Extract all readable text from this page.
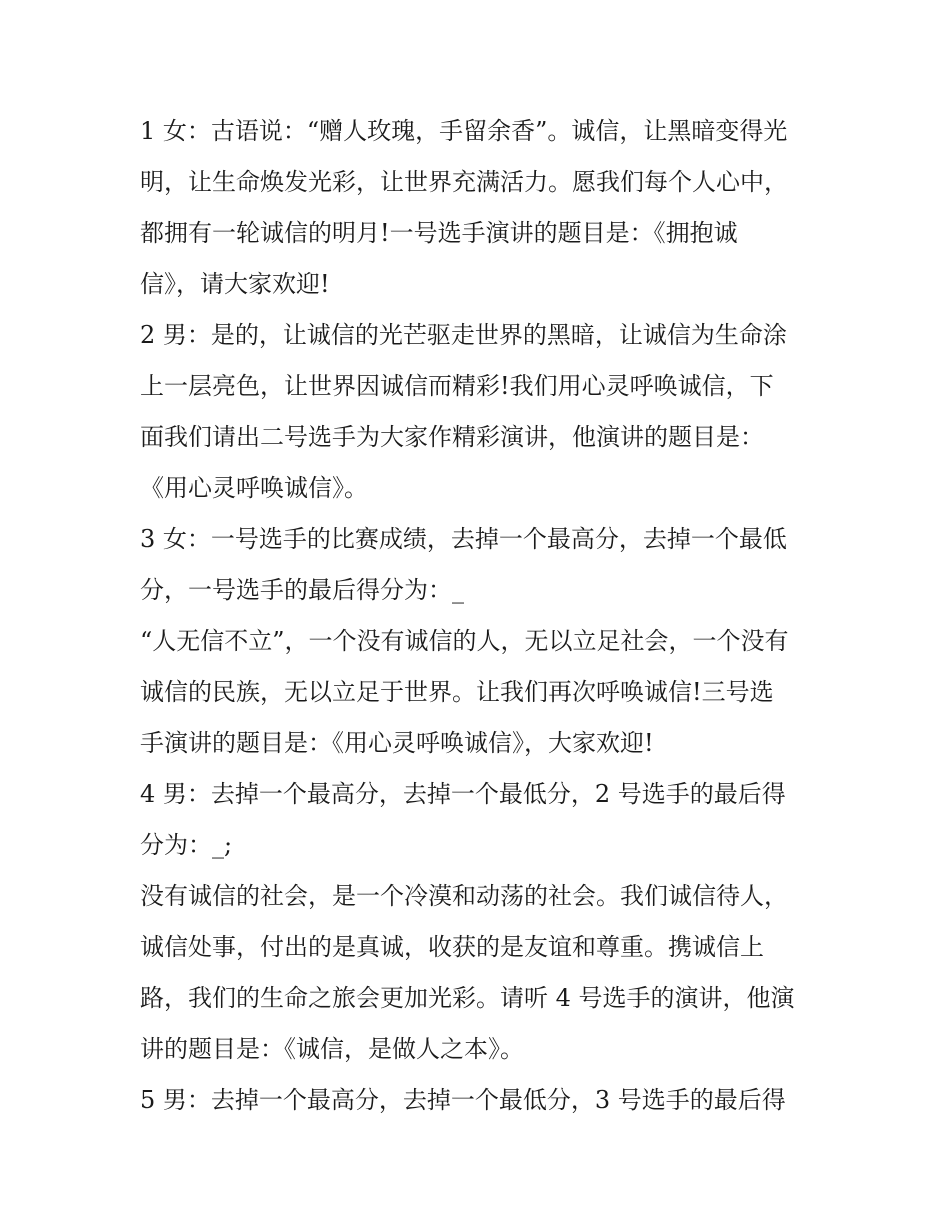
1 女：古语说：“赠人玫瑰，手留余香”。诚信，让黑暗变得光
明，让生命焕发光彩，让世界充满活力。愿我们每个人心中，
都拥有一轮诚信的明月!一号选手演讲的题目是：《拥抱诚
信》，请大家欢迎!
2 男：是的，让诚信的光芒驱走世界的黑暗，让诚信为生命涂
上一层亮色，让世界因诚信而精彩!我们用心灵呼唤诚信，下
面我们请出二号选手为大家作精彩演讲，他演讲的题目是：
《用心灵呼唤诚信》。
3 女：一号选手的比赛成绩，去掉一个最高分，去掉一个最低
分，一号选手的最后得分为：_
“人无信不立”，一个没有诚信的人，无以立足社会，一个没有
诚信的民族，无以立足于世界。让我们再次呼唤诚信!三号选
手演讲的题目是：《用心灵呼唤诚信》，大家欢迎!
4 男：去掉一个最高分，去掉一个最低分，2 号选手的最后得
分为：_;
没有诚信的社会，是一个冷漠和动荡的社会。我们诚信待人，
诚信处事，付出的是真诚，收获的是友谊和尊重。携诚信上
路，我们的生命之旅会更加光彩。请听 4 号选手的演讲，他演
讲的题目是：《诚信，是做人之本》。
5 男：去掉一个最高分，去掉一个最低分，3 号选手的最后得
